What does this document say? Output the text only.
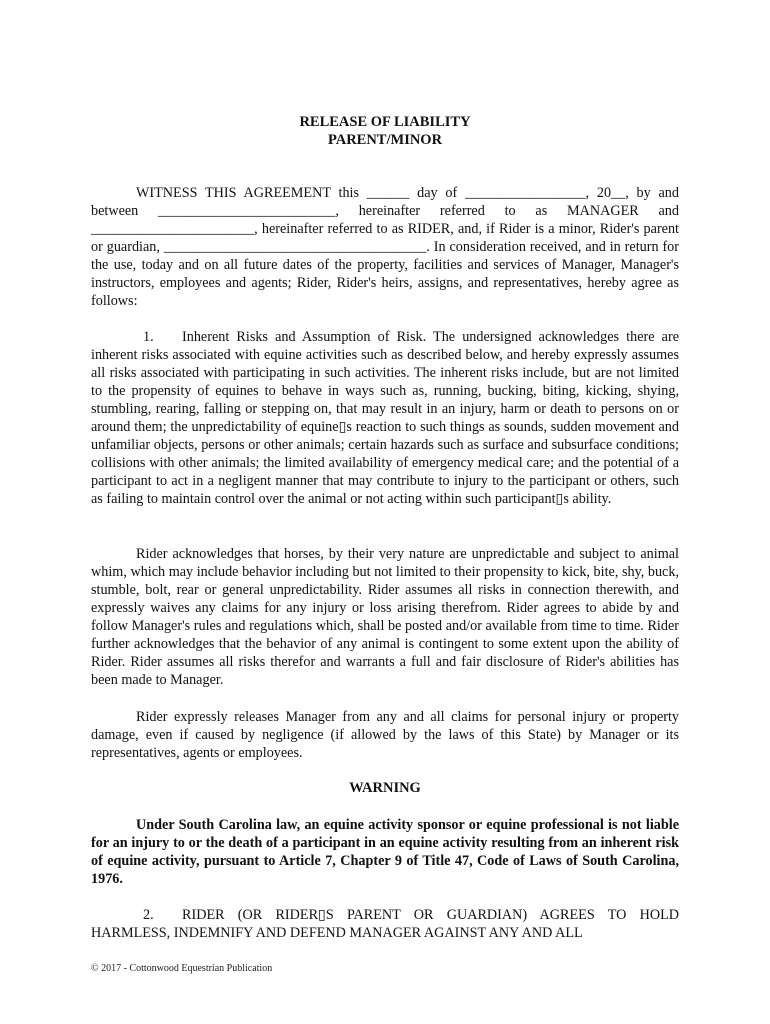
RELEASE OF LIABILITY
PARENT/MINOR

WITNESS THIS AGREEMENT this ______ day of _________________, 20__, by and between _________________________, hereinafter referred to as MANAGER and _______________________, hereinafter referred to as RIDER, and, if Rider is a minor, Rider's parent or guardian, _____________________________________. In consideration received, and in return for the use, today and on all future dates of the property, facilities and services of Manager, Manager's instructors, employees and agents; Rider, Rider's heirs, assigns, and representatives, hereby agree as follows:

1.  Inherent Risks and Assumption of Risk. The undersigned acknowledges there are inherent risks associated with equine activities such as described below, and hereby expressly assumes all risks associated with participating in such activities. The inherent risks include, but are not limited to the propensity of equines to behave in ways such as, running, bucking, biting, kicking, shying, stumbling, rearing, falling or stepping on, that may result in an injury, harm or death to persons on or around them; the unpredictability of equine▯s reaction to such things as sounds, sudden movement and unfamiliar objects, persons or other animals; certain hazards such as surface and subsurface conditions; collisions with other animals; the limited availability of emergency medical care; and the potential of a participant to act in a negligent manner that may contribute to injury to the participant or others, such as failing to maintain control over the animal or not acting within such participant▯s ability.

Rider acknowledges that horses, by their very nature are unpredictable and subject to animal whim, which may include behavior including but not limited to their propensity to kick, bite, shy, buck, stumble, bolt, rear or general unpredictability. Rider assumes all risks in connection therewith, and expressly waives any claims for any injury or loss arising therefrom. Rider agrees to abide by and follow Manager's rules and regulations which, shall be posted and/or available from time to time. Rider further acknowledges that the behavior of any animal is contingent to some extent upon the ability of Rider. Rider assumes all risks therefor and warrants a full and fair disclosure of Rider's abilities has been made to Manager.

Rider expressly releases Manager from any and all claims for personal injury or property damage, even if caused by negligence (if allowed by the laws of this State) by Manager or its representatives, agents or employees.

WARNING

Under South Carolina law, an equine activity sponsor or equine professional is not liable for an injury to or the death of a participant in an equine activity resulting from an inherent risk of equine activity, pursuant to Article 7, Chapter 9 of Title 47, Code of Laws of South Carolina, 1976.

2.  RIDER (OR RIDER▯S PARENT OR GUARDIAN) AGREES TO HOLD HARMLESS, INDEMNIFY AND DEFEND MANAGER AGAINST ANY AND ALL

© 2017 - Cottonwood Equestrian Publication
